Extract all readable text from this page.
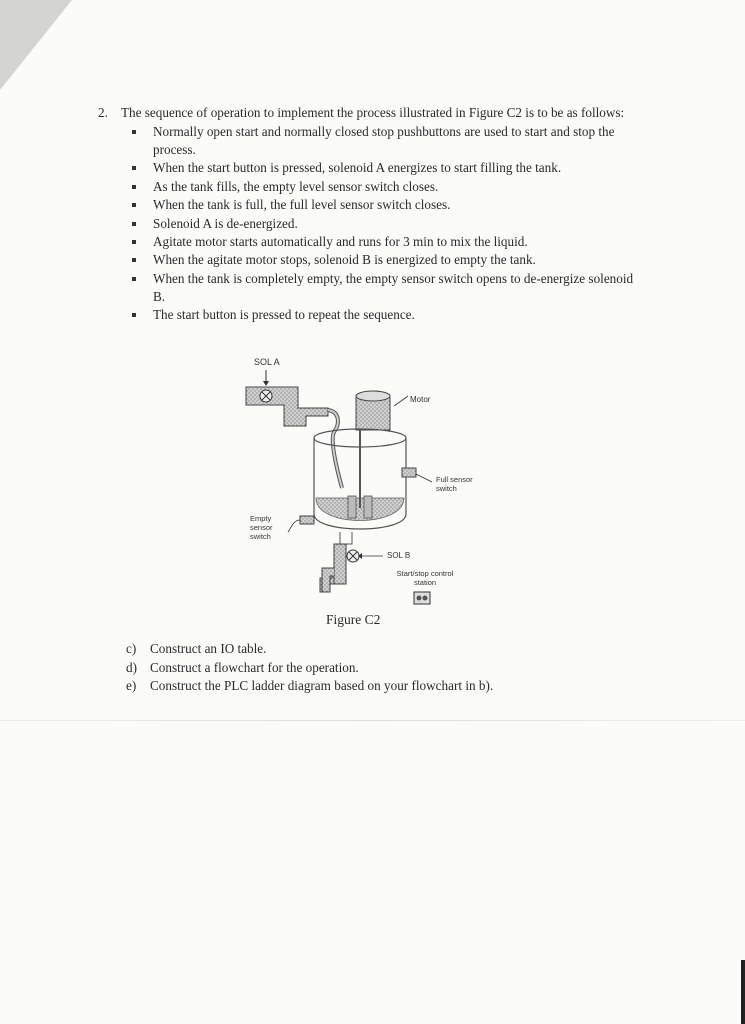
2. The sequence of operation to implement the process illustrated in Figure C2 is to be as follows:
Normally open start and normally closed stop pushbuttons are used to start and stop the process.
When the start button is pressed, solenoid A energizes to start filling the tank.
As the tank fills, the empty level sensor switch closes.
When the tank is full, the full level sensor switch closes.
Solenoid A is de-energized.
Agitate motor starts automatically and runs for 3 min to mix the liquid.
When the agitate motor stops, solenoid B is energized to empty the tank.
When the tank is completely empty, the empty sensor switch opens to de-energize solenoid B.
The start button is pressed to repeat the sequence.
SOL A
Motor
Full sensor switch
Empty sensor switch
SOL B
Start/stop control station
Figure C2
c) Construct an IO table.
d) Construct a flowchart for the operation.
e) Construct the PLC ladder diagram based on your flowchart in b).
